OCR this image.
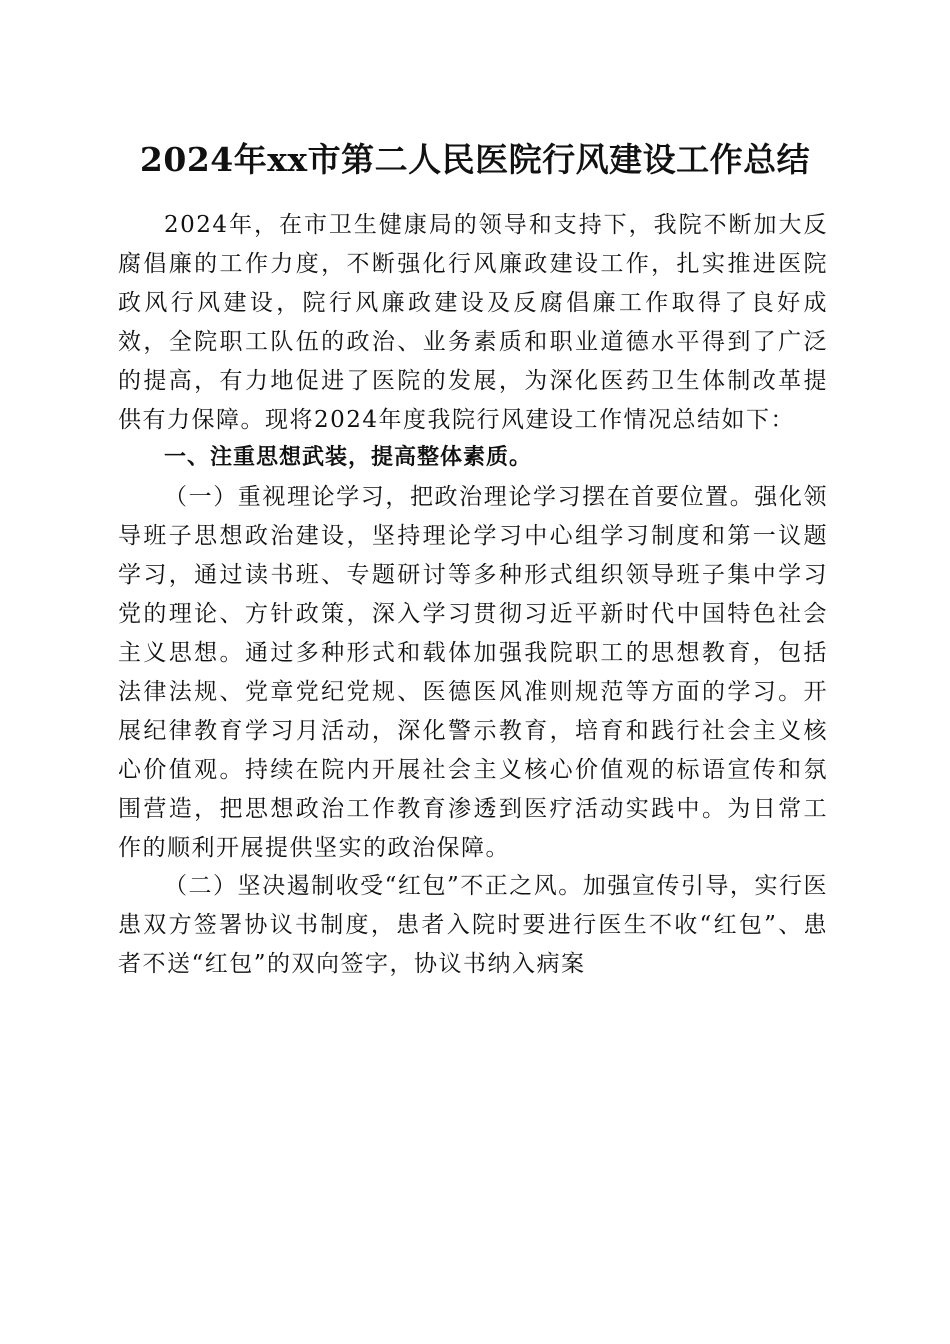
2024年xx市第二人民医院行风建设工作总结

2024年，在市卫生健康局的领导和支持下，我院不断加大反腐倡廉的工作力度，不断强化行风廉政建设工作，扎实推进医院政风行风建设，院行风廉政建设及反腐倡廉工作取得了良好成效，全院职工队伍的政治、业务素质和职业道德水平得到了广泛的提高，有力地促进了医院的发展，为深化医药卫生体制改革提供有力保障。现将2024年度我院行风建设工作情况总结如下：

一、注重思想武装，提高整体素质。

（一）重视理论学习，把政治理论学习摆在首要位置。强化领导班子思想政治建设，坚持理论学习中心组学习制度和第一议题学习，通过读书班、专题研讨等多种形式组织领导班子集中学习党的理论、方针政策，深入学习贯彻习近平新时代中国特色社会主义思想。通过多种形式和载体加强我院职工的思想教育，包括法律法规、党章党纪党规、医德医风准则规范等方面的学习。开展纪律教育学习月活动，深化警示教育，培育和践行社会主义核心价值观。持续在院内开展社会主义核心价值观的标语宣传和氛围营造，把思想政治工作教育渗透到医疗活动实践中。为日常工作的顺利开展提供坚实的政治保障。

（二）坚决遏制收受“红包”不正之风。加强宣传引导，实行医患双方签署协议书制度，患者入院时要进行医生不收“红包”、患者不送“红包”的双向签字，协议书纳入病案
